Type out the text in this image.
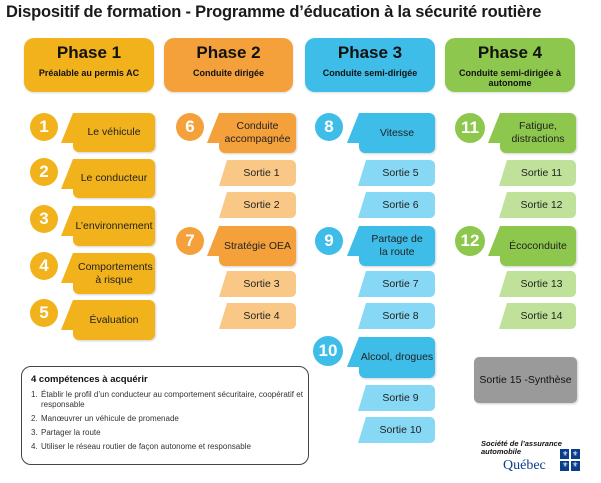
Dispositif de formation - Programme d’éducation à la sécurité routière
Phase 1
Préalable au permis AC
Phase 2
Conduite dirigée
Phase 3
Conduite semi-dirigée
Phase 4
Conduite semi-dirigée à autonome
1	Le véhicule
2	Le conducteur
3	L’environnement
4	Comportements à risque
5	Évaluation
6	Conduite accompagnée
Sortie 1
Sortie 2
7	Stratégie OEA
Sortie 3
Sortie 4
8	Vitesse
Sortie 5
Sortie 6
9	Partage de la route
Sortie 7
Sortie 8
10	Alcool, drogues
Sortie 9
Sortie 10
11	Fatigue, distractions
Sortie 11
Sortie 12
12	Écoconduite
Sortie 13
Sortie 14
Sortie 15 -Synthèse
4 compétences à acquérir
1. Établir le profil d’un conducteur au comportement sécuritaire, coopératif et responsable
2. Manœuvrer un véhicule de promenade
3. Partager la route
4. Utiliser le réseau routier de façon autonome et responsable	Société de l’assurance
automobile
Québec
⚜ ⚜
⚜ ⚜
